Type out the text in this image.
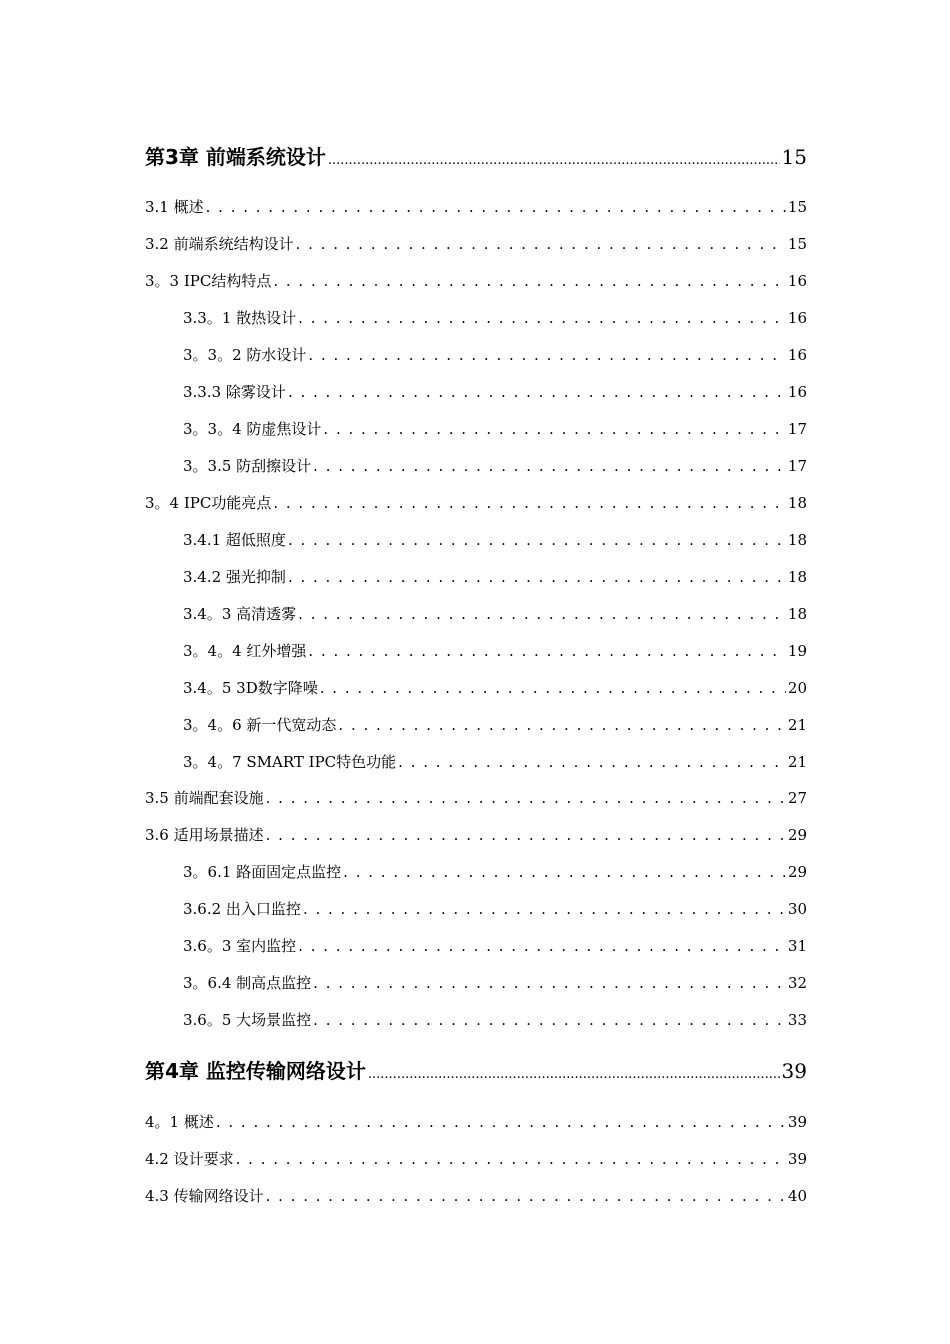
第3章 前端系统设计 .....	15
3.1 概述 . . .	15
3.2 前端系统结构设计 . . .	15
3。3 IPC结构特点 . . .	16
3.3。1 散热设计 . . .	16
3。3。2 防水设计 . . .	16
3.3.3 除雾设计 . . .	16
3。3。4 防虚焦设计 . . .	17
3。3.5 防刮擦设计 . . .	17
3。4 IPC功能亮点 . . .	18
3.4.1 超低照度 . . .	18
3.4.2 强光抑制 . . .	18
3.4。3 高清透雾 . . .	18
3。4。4 红外增强 . . .	19
3.4。5 3D数字降噪 . . .	20
3。4。6 新一代宽动态 . . .	21
3。4。7 SMART IPC特色功能 . . .	21
3.5 前端配套设施 . . .	27
3.6 适用场景描述 . . .	29
3。6.1 路面固定点监控 . . .	29
3.6.2 出入口监控 . . .	30
3.6。3 室内监控 . . .	31
3。6.4 制高点监控 . . .	32
3.6。5 大场景监控 . . .	33
第4章 监控传输网络设计 .....	39
4。1 概述 . . .	39
4.2 设计要求 . . .	39
4.3 传输网络设计 . . .	40
